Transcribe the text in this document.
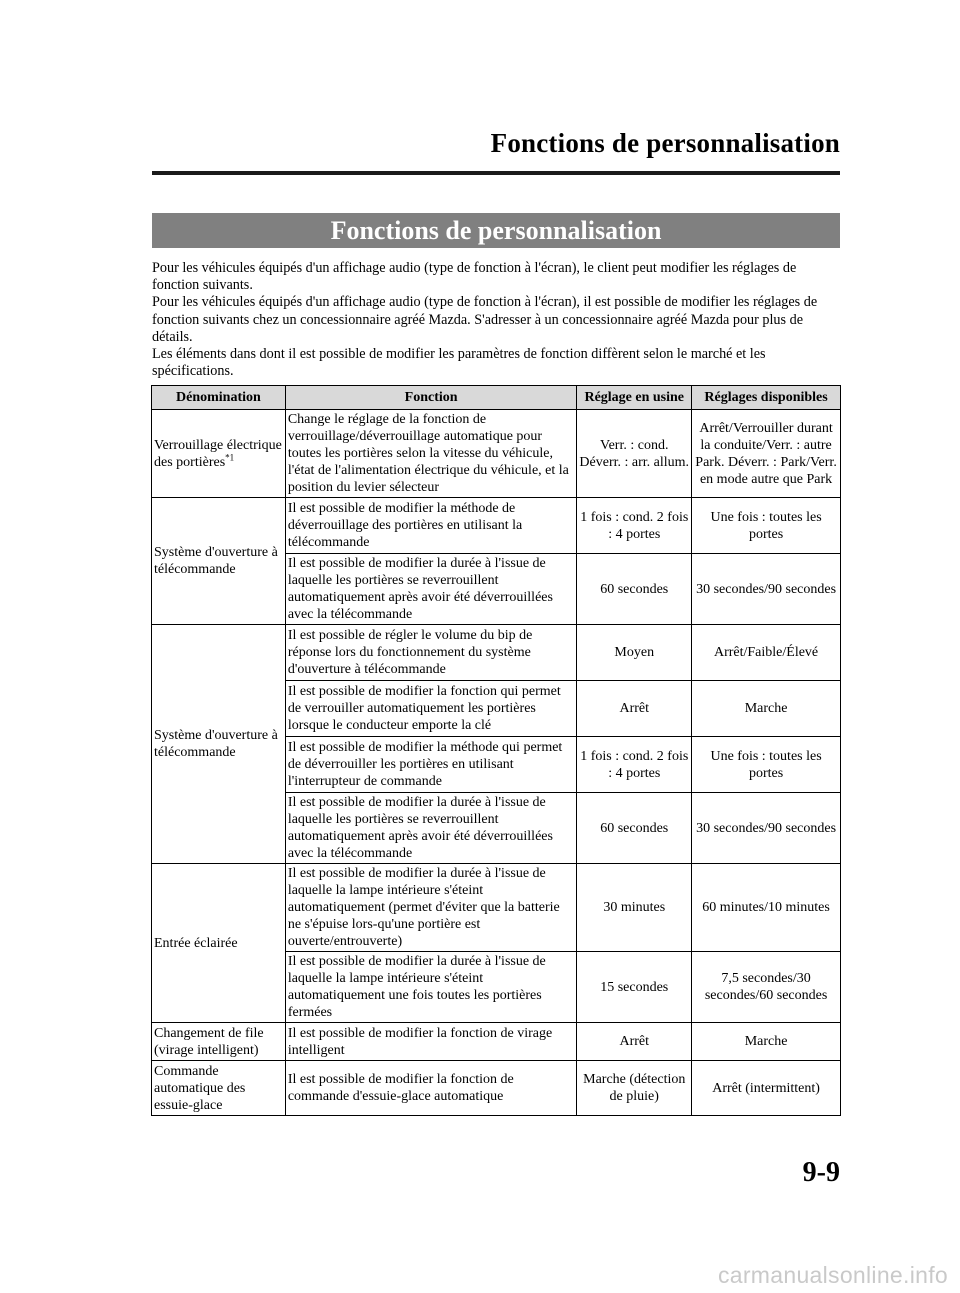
Fonctions de personnalisation
Fonctions de personnalisation

Pour les véhicules équipés d'un affichage audio (type de fonction à l'écran), le client peut modifier les réglages de fonction suivants.

Pour les véhicules équipés d'un affichage audio (type de fonction à l'écran), il est possible de modifier les réglages de fonction suivants chez un concessionnaire agréé Mazda. S'adresser à un concessionnaire agréé Mazda pour plus de détails.

Les éléments dans dont il est possible de modifier les paramètres de fonction diffèrent selon le marché et les spécifications.

Dénomination	Fonction	Réglage en usine	Réglages disponibles
Verrouillage électrique des portières$^{*1}$	Change le réglage de la fonction de verrouillage/déverrouillage automatique pour toutes les portières selon la vitesse du véhicule, l'état de l'alimentation électrique du véhicule, et la position du levier sélecteur	Verr. : cond. Déverr. : arr. allum.	Arrêt/Verrouiller durant la conduite/Verr. : autre Park. Déverr. : Park/Verr. en mode autre que Park
Système d'ouverture à télécommande	Il est possible de modifier la méthode de déverrouillage des portières en utilisant la télécommande	1 fois : cond. 2 fois : 4 portes	Une fois : toutes les portes
	Il est possible de modifier la durée à l'issue de laquelle les portières se reverrouillent automatiquement après avoir été déverrouillées avec la télécommande	60 secondes	30 secondes/90 secondes
Système d'ouverture à télécommande	Il est possible de régler le volume du bip de réponse lors du fonctionnement du système d'ouverture à télécommande	Moyen	Arrêt/Faible/Élevé
	Il est possible de modifier la fonction qui permet de verrouiller automatiquement les portières lorsque le conducteur emporte la clé	Arrêt	Marche
	Il est possible de modifier la méthode qui permet de déverrouiller les portières en utilisant l'interrupteur de commande	1 fois : cond. 2 fois : 4 portes	Une fois : toutes les portes
	Il est possible de modifier la durée à l'issue de laquelle les portières se reverrouillent automatiquement après avoir été déverrouillées avec la télécommande	60 secondes	30 secondes/90 secondes
Entrée éclairée	Il est possible de modifier la durée à l'issue de laquelle la lampe intérieure s'éteint automatiquement (permet d'éviter que la batterie ne s'épuise lors-qu'une portière est ouverte/entrouverte)	30 minutes	60 minutes/10 minutes
	Il est possible de modifier la durée à l'issue de laquelle la lampe intérieure s'éteint automatiquement une fois toutes les portières fermées	15 secondes	7,5 secondes/30 secondes/60 secondes
Changement de file (virage intelligent)	Il est possible de modifier la fonction de virage intelligent	Arrêt	Marche
Commande automatique des essuie-glace	Il est possible de modifier la fonction de commande d'essuie-glace automatique	Marche (détection de pluie)	Arrêt (intermittent)
9-9
carmanualsonline.info
